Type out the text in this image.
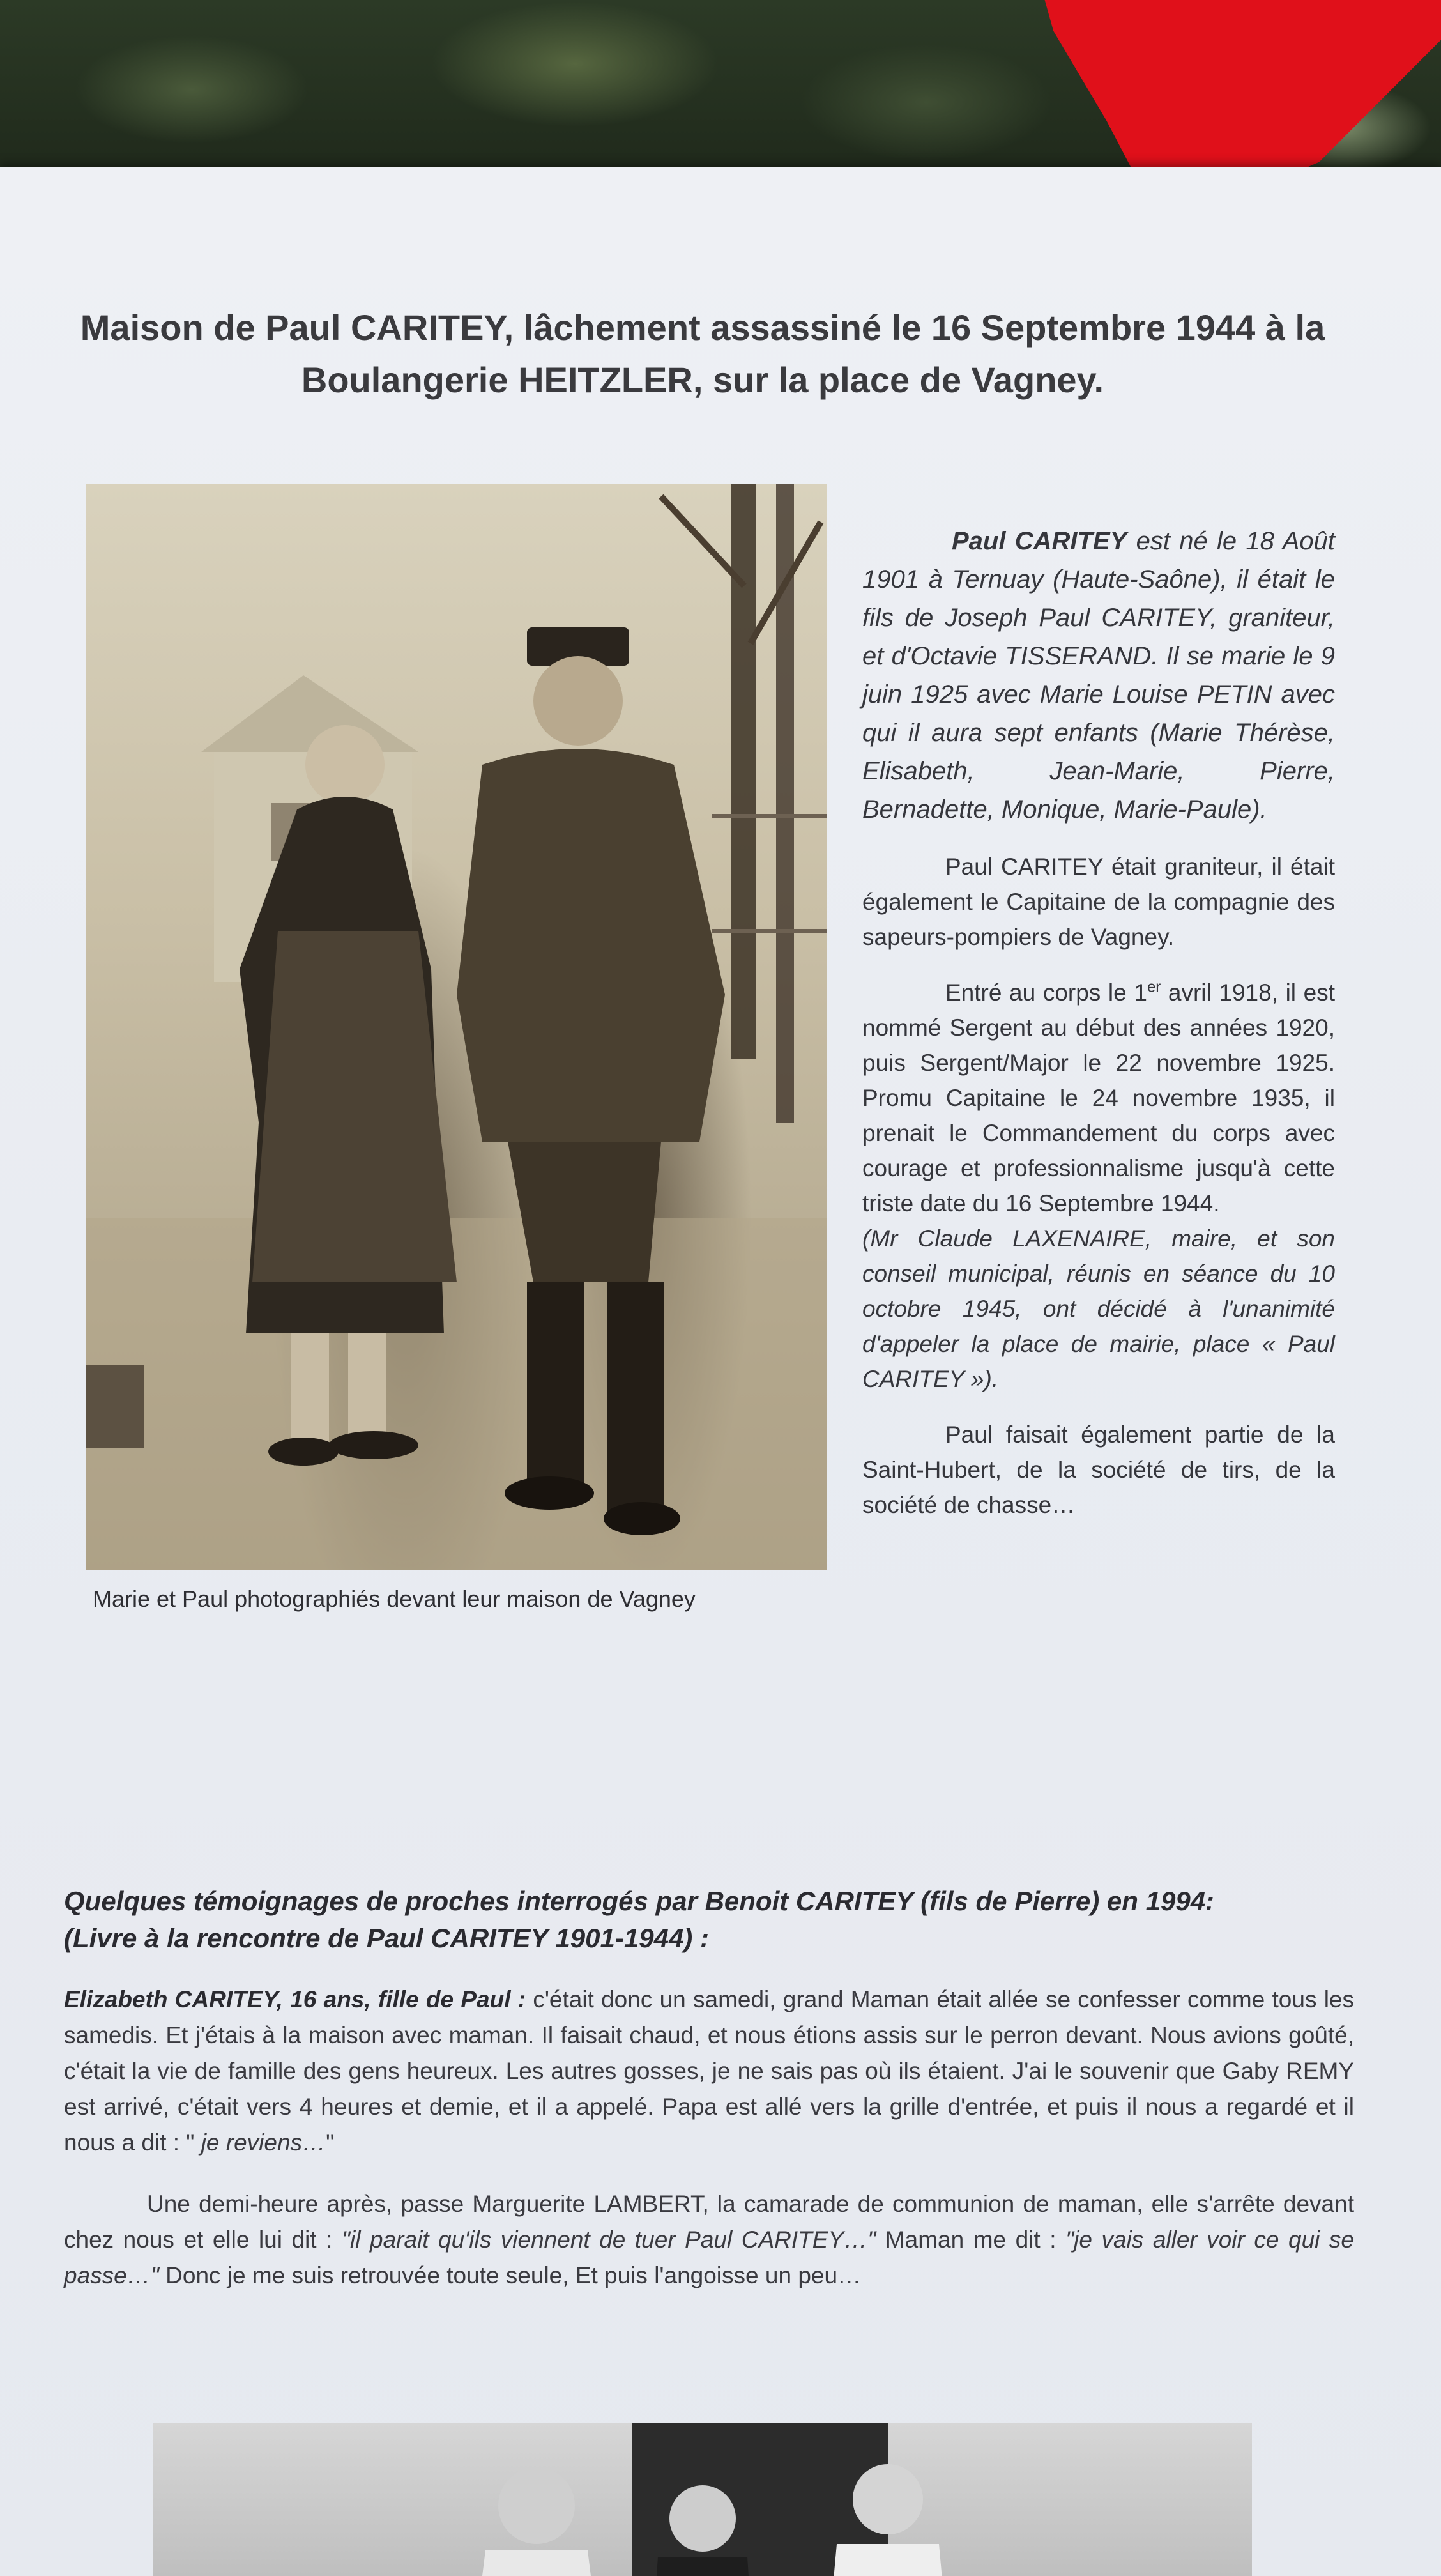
Maison de Paul CARITEY, lâchement assassiné le 16 Septembre 1944 à la Boulangerie HEITZLER, sur la place de Vagney.
Marie et Paul photographiés devant leur maison de Vagney

Paul CARITEY est né le 18 Août 1901 à Ternuay (Haute-Saône), il était le fils de Joseph Paul CARITEY, graniteur, et d'Octavie TISSERAND. Il se marie le 9 juin 1925 avec Marie Louise PETIN avec qui il aura sept enfants (Marie Thérèse, Elisabeth, Jean-Marie, Pierre, Bernadette, Monique, Marie-Paule).

Paul CARITEY était graniteur, il était également le Capitaine de la compagnie des sapeurs-pompiers de Vagney.

Entré au corps le 1er avril 1918, il est nommé Sergent au début des années 1920, puis Sergent/Major le 22 novembre 1925. Promu Capitaine le 24 novembre 1935, il prenait le Commandement du corps avec courage et professionnalisme jusqu'à cette triste date du 16 Septembre 1944.

(Mr Claude LAXENAIRE, maire, et son conseil municipal, réunis en séance du 10 octobre 1945, ont décidé à l'unanimité d'appeler la place de mairie, place « Paul CARITEY »).

Paul faisait également partie de la Saint-Hubert, de la société de tirs, de la société de chasse…

Quelques témoignages de proches interrogés par Benoit CARITEY (fils de Pierre) en 1994:
(Livre à la rencontre de Paul CARITEY 1901-1944) :

Elizabeth CARITEY, 16 ans, fille de Paul : c'était donc un samedi, grand Maman était allée se confesser comme tous les samedis. Et j'étais à la maison avec maman. Il faisait chaud, et nous étions assis sur le perron devant. Nous avions goûté, c'était la vie de famille des gens heureux. Les autres gosses, je ne sais pas où ils étaient. J'ai le souvenir que Gaby REMY est arrivé, c'était vers 4 heures et demie, et il a appelé. Papa est allé vers la grille d'entrée, et puis il nous a regardé et il nous a dit : " je reviens…"

Une demi-heure après, passe Marguerite LAMBERT, la camarade de communion de maman, elle s'arrête devant chez nous et elle lui dit : "il parait qu'ils viennent de tuer Paul CARITEY…" Maman me dit : "je vais aller voir ce qui se passe…" Donc je me suis retrouvée toute seule, Et puis l'angoisse un peu…
